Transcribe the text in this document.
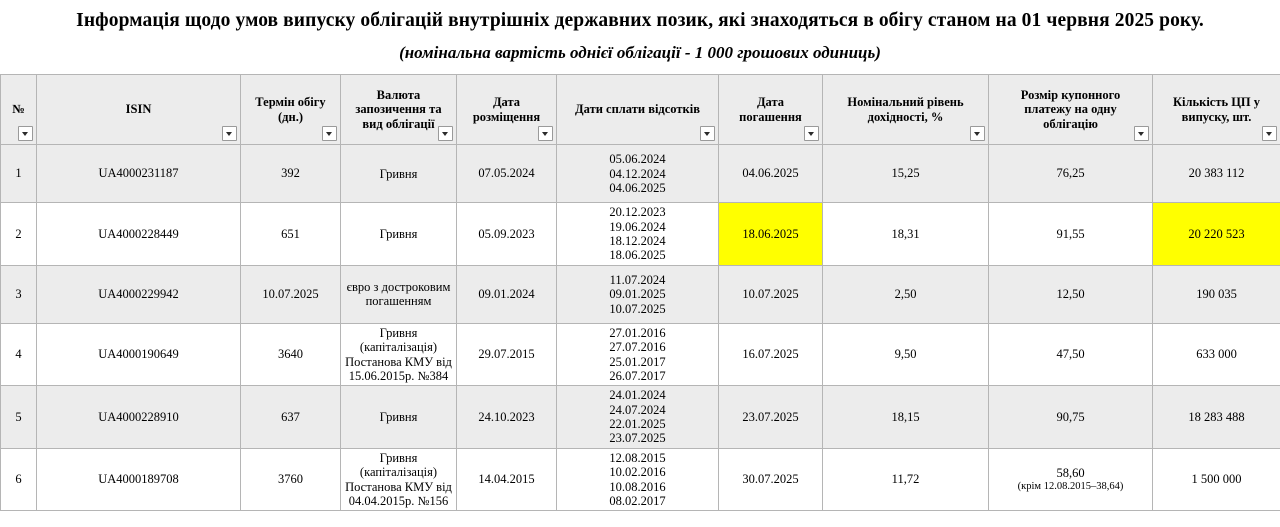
Інформація щодо умов випуску облігацій внутрішніх державних позик, які знаходяться в обігу станом на 01 червня 2025 року.
(номінальна вартість однієї облігації - 1 000 грошових одиниць)
№	ISIN	Термін обігу
(дн.)	Валюта
запозичення та
вид облігації	Дата
розміщення	Дати сплати відсотків	Дата
погашення	Номінальний рівень
дохідності, %	Розмір купонного
платежу на одну
облігацію	Кількість ЦП у
випуску, шт.

1	UA4000231187	392	Гривня	07.05.2024	05.06.2024
04.12.2024
04.06.2025	04.06.2025	15,25	76,25	20 383 112

2	UA4000228449	651	Гривня	05.09.2023	20.12.2023
19.06.2024
18.12.2024
18.06.2025	18.06.2025	18,31	91,55	20 220 523

3	UA4000229942	10.07.2025	євро з достроковим погашенням	09.01.2024	11.07.2024
09.01.2025
10.07.2025	10.07.2025	2,50	12,50	190 035

4	UA4000190649	3640	Гривня
(капіталізація)
Постанова КМУ від
15.06.2015р. №384	29.07.2015	27.01.2016
27.07.2016
25.01.2017
26.07.2017	16.07.2025	9,50	47,50	633 000

5	UA4000228910	637	Гривня	24.10.2023	24.01.2024
24.07.2024
22.01.2025
23.07.2025	23.07.2025	18,15	90,75	18 283 488

6	UA4000189708	3760	Гривня
(капіталізація)
Постанова КМУ від
04.04.2015р. №156	14.04.2015	12.08.2015
10.02.2016
10.08.2016
08.02.2017	30.07.2025	11,72	58,60
(крім 12.08.2015–38,64)	1 500 000
